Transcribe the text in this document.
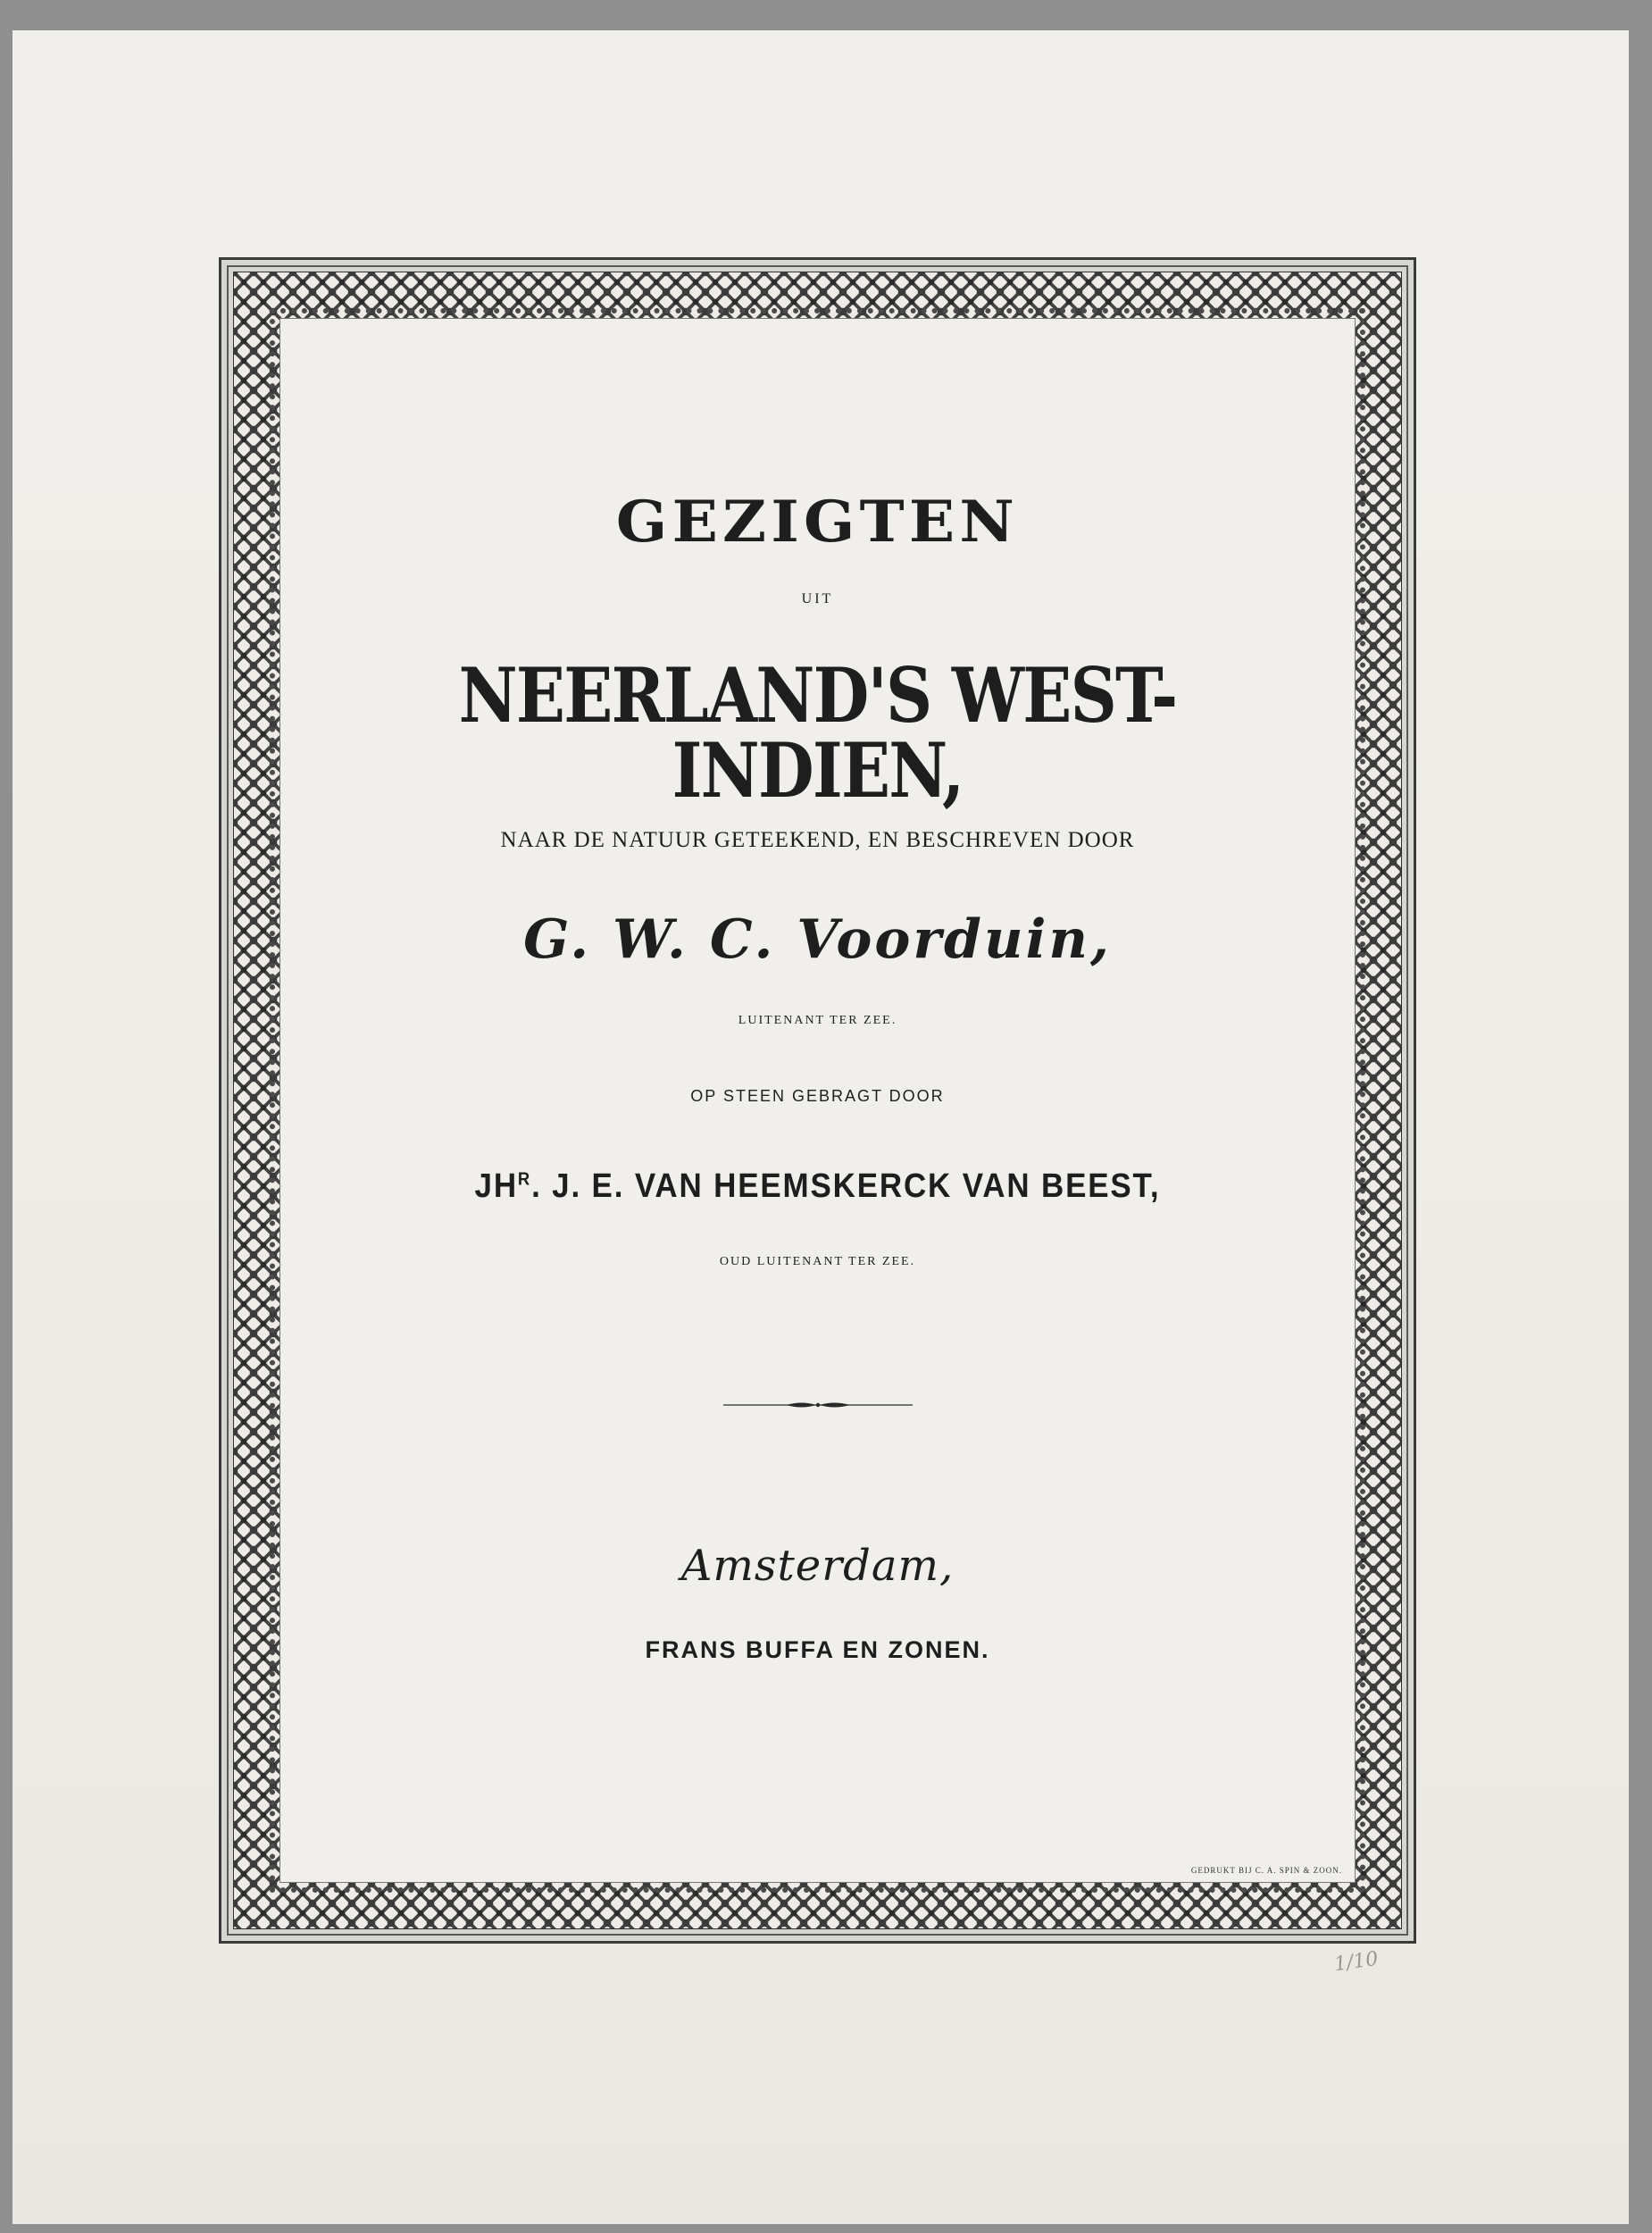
GEZIGTEN

UIT

NEERLAND'S WEST-INDIEN,

NAAR DE NATUUR GETEEKEND, EN BESCHREVEN DOOR

G. W. C. Voorduin,

LUITENANT TER ZEE.

OP STEEN GEBRAGT DOOR

$JH^R$. J. E. VAN HEEMSKERCK VAN BEEST,

OUD LUITENANT TER ZEE.

Amsterdam,

FRANS BUFFA EN ZONEN.

GEDRUKT BIJ C. A. SPIN & ZOON.
1/10
